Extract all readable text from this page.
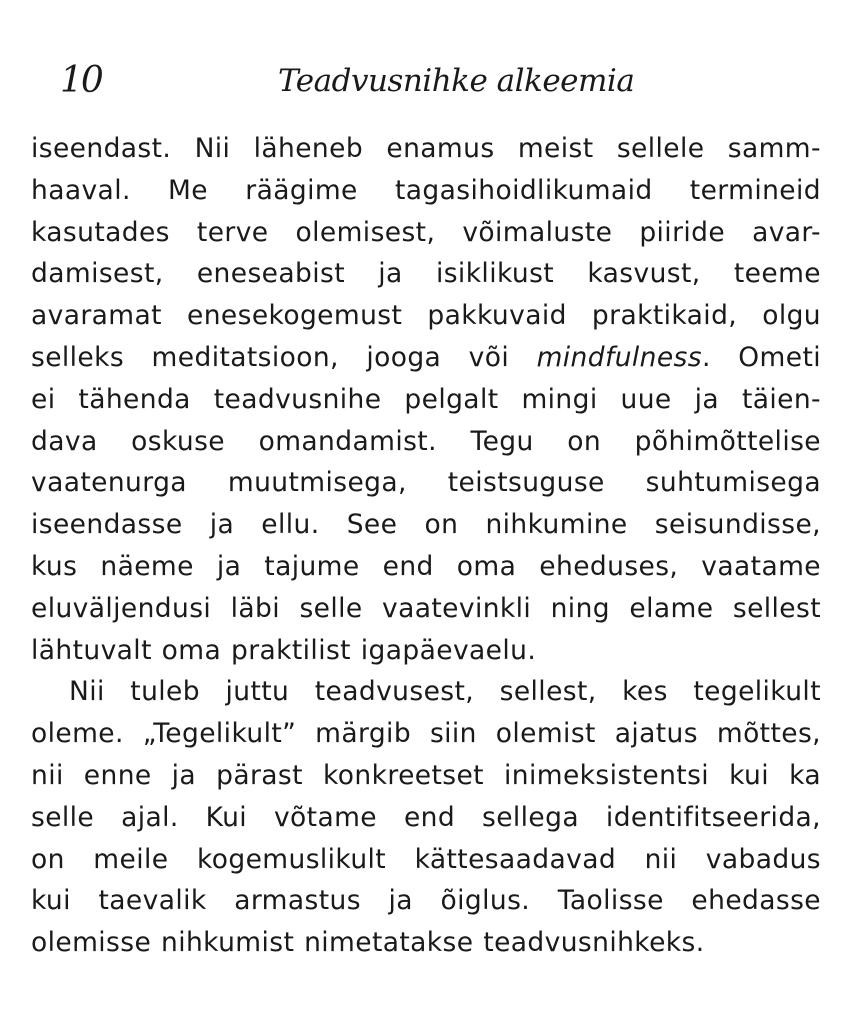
10	Teadvusnihke alkeemia

iseendast. Nii läheneb enamus meist sellele samm-
haaval. Me räägime tagasihoidlikumaid termineid
kasutades terve olemisest, võimaluste piiride avar-
damisest, eneseabist ja isiklikust kasvust, teeme
avaramat enesekogemust pakkuvaid praktikaid, olgu
selleks meditatsioon, jooga või mindfulness. Ometi
ei tähenda teadvusnihe pelgalt mingi uue ja täien-
dava oskuse omandamist. Tegu on põhimõttelise
vaatenurga muutmisega, teistsuguse suhtumisega
iseendasse ja ellu. See on nihkumine seisundisse,
kus näeme ja tajume end oma eheduses, vaatame
eluväljendusi läbi selle vaatevinkli ning elame sellest
lähtuvalt oma praktilist igapäevaelu.

Nii tuleb juttu teadvusest, sellest, kes tegelikult
oleme. „Tegelikult” märgib siin olemist ajatus mõttes,
nii enne ja pärast konkreetset inimeksistentsi kui ka
selle ajal. Kui võtame end sellega identifitseerida,
on meile kogemuslikult kättesaadavad nii vabadus
kui taevalik armastus ja õiglus. Taolisse ehedasse
olemisse nihkumist nimetatakse teadvusnihkeks.
